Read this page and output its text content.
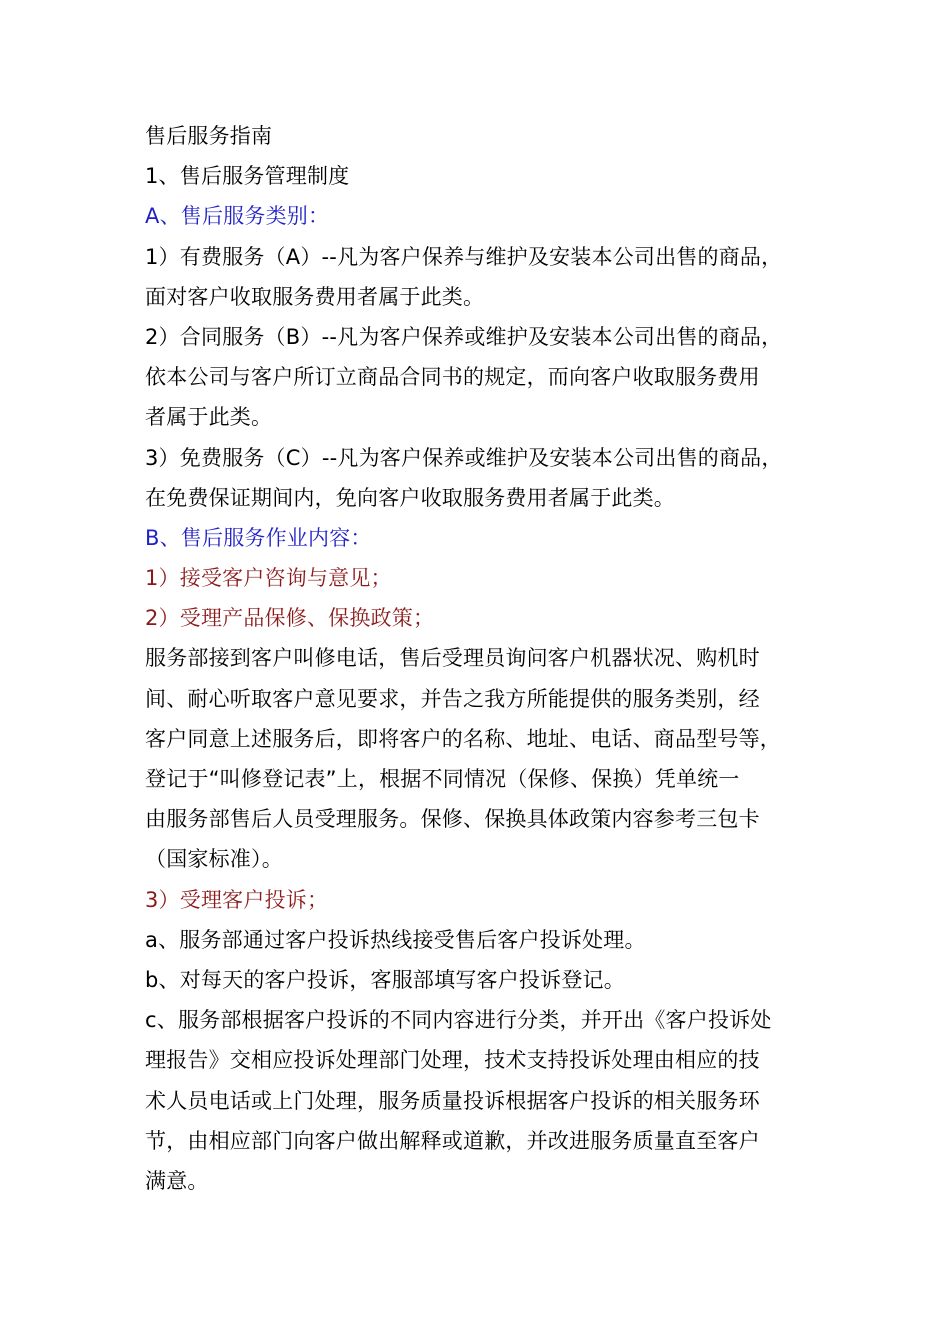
售后服务指南

1、售后服务管理制度

A、售后服务类别：

1）有费服务（A）--凡为客户保养与维护及安装本公司出售的商品，

面对客户收取服务费用者属于此类。

2）合同服务（B）--凡为客户保养或维护及安装本公司出售的商品，

依本公司与客户所订立商品合同书的规定，而向客户收取服务费用

者属于此类。

3）免费服务（C）--凡为客户保养或维护及安装本公司出售的商品，

在免费保证期间内，免向客户收取服务费用者属于此类。

B、售后服务作业内容：

1）接受客户咨询与意见；

2）受理产品保修、保换政策；

服务部接到客户叫修电话，售后受理员询问客户机器状况、购机时

间、耐心听取客户意见要求，并告之我方所能提供的服务类别，经

客户同意上述服务后，即将客户的名称、地址、电话、商品型号等，

登记于“叫修登记表”上，根据不同情况（保修、保换）凭单统一

由服务部售后人员受理服务。保修、保换具体政策内容参考三包卡

（国家标准）。

3）受理客户投诉；

a、服务部通过客户投诉热线接受售后客户投诉处理。

b、对每天的客户投诉，客服部填写客户投诉登记。

c、服务部根据客户投诉的不同内容进行分类，并开出《客户投诉处

理报告》交相应投诉处理部门处理，技术支持投诉处理由相应的技

术人员电话或上门处理，服务质量投诉根据客户投诉的相关服务环

节，由相应部门向客户做出解释或道歉，并改进服务质量直至客户

满意。
